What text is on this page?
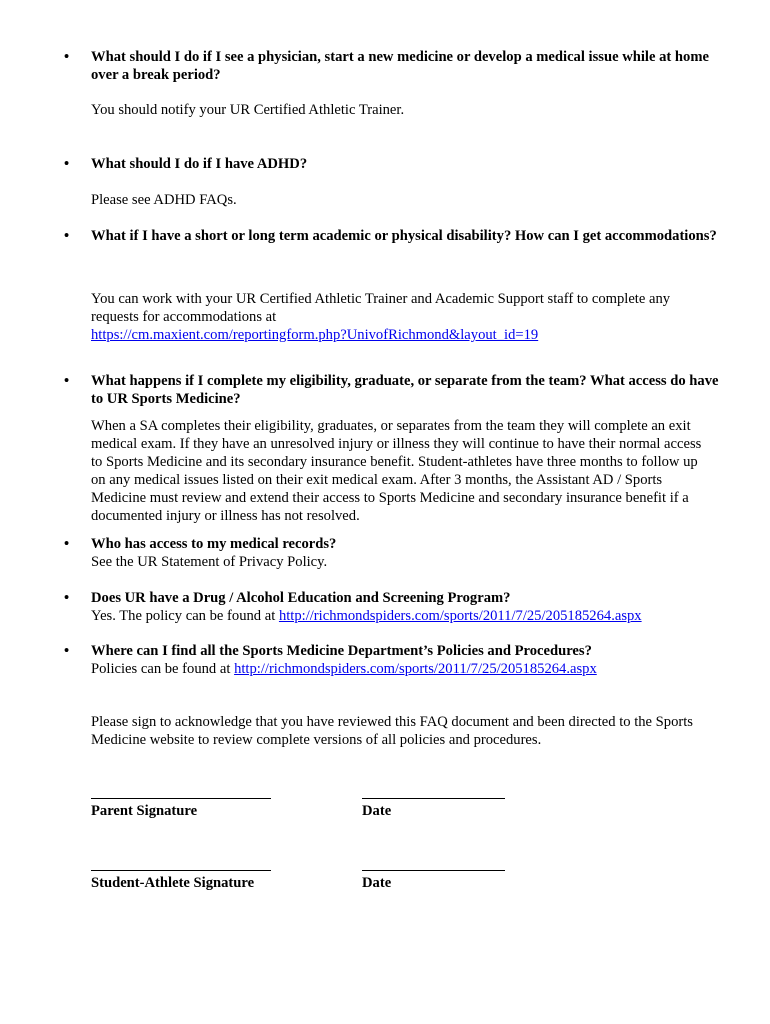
• What should I do if I see a physician, start a new medicine or develop a medical issue while at home over a break period?
You should notify your UR Certified Athletic Trainer.
• What should I do if I have ADHD?
Please see ADHD FAQs.
• What if I have a short or long term academic or physical disability? How can I get accommodations?
You can work with your UR Certified Athletic Trainer and Academic Support staff to complete any requests for accommodations at
https://cm.maxient.com/reportingform.php?UnivofRichmond&layout_id=19
• What happens if I complete my eligibility, graduate, or separate from the team? What access do have to UR Sports Medicine?
When a SA completes their eligibility, graduates, or separates from the team they will complete an exit medical exam. If they have an unresolved injury or illness they will continue to have their normal access to Sports Medicine and its secondary insurance benefit. Student-athletes have three months to follow up on any medical issues listed on their exit medical exam. After 3 months, the Assistant AD / Sports Medicine must review and extend their access to Sports Medicine and secondary insurance benefit if a documented injury or illness has not resolved.
• Who has access to my medical records?
See the UR Statement of Privacy Policy.
• Does UR have a Drug / Alcohol Education and Screening Program?
Yes. The policy can be found at http://richmondspiders.com/sports/2011/7/25/205185264.aspx
• Where can I find all the Sports Medicine Department’s Policies and Procedures?
Policies can be found at http://richmondspiders.com/sports/2011/7/25/205185264.aspx
Please sign to acknowledge that you have reviewed this FAQ document and been directed to the Sports Medicine website to review complete versions of all policies and procedures.
Parent Signature	Date
Student-Athlete Signature	Date
